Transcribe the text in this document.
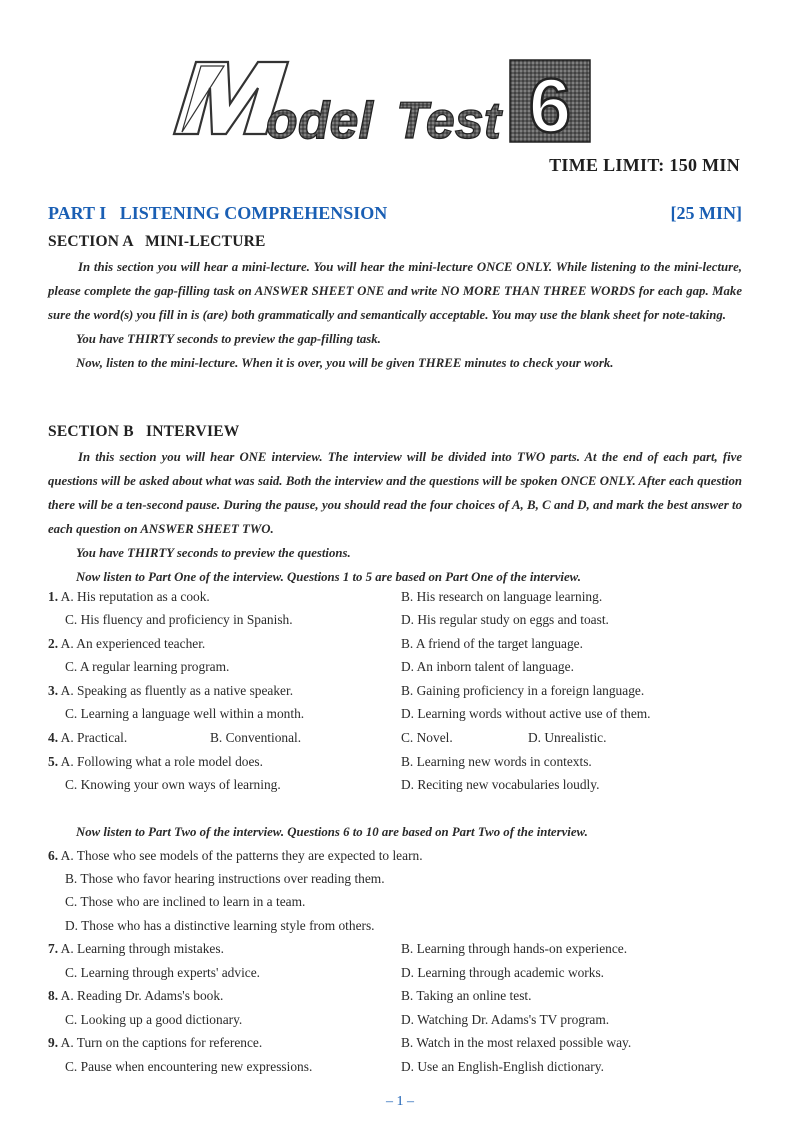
odel Test 6
TIME LIMIT: 150 MIN
PART I   LISTENING COMPREHENSION	[25 MIN]
SECTION A   MINI-LECTURE

In this section you will hear a mini-lecture. You will hear the mini-lecture ONCE ONLY. While listening to the mini-lecture, please complete the gap-filling task on ANSWER SHEET ONE and write NO MORE THAN THREE WORDS for each gap. Make sure the word(s) you fill in is (are) both grammatically and semantically acceptable. You may use the blank sheet for note-taking.

You have THIRTY seconds to preview the gap-filling task.
Now, listen to the mini-lecture. When it is over, you will be given THREE minutes to check your work.
SECTION B   INTERVIEW

In this section you will hear ONE interview. The interview will be divided into TWO parts. At the end of each part, five questions will be asked about what was said. Both the interview and the questions will be spoken ONCE ONLY. After each question there will be a ten-second pause. During the pause, you should read the four choices of A, B, C and D, and mark the best answer to each question on ANSWER SHEET TWO.

You have THIRTY seconds to preview the questions.
Now listen to Part One of the interview. Questions 1 to 5 are based on Part One of the interview.
1. A. His reputation as a cook.	B. His research on language learning.
C. His fluency and proficiency in Spanish.	D. His regular study on eggs and toast.
2. A. An experienced teacher.	B. A friend of the target language.
C. A regular learning program.	D. An inborn talent of language.
3. A. Speaking as fluently as a native speaker.	B. Gaining proficiency in a foreign language.
C. Learning a language well within a month.	D. Learning words without active use of them.
4. A. Practical.	B. Conventional.	C. Novel.	D. Unrealistic.
5. A. Following what a role model does.	B. Learning new words in contexts.
C. Knowing your own ways of learning.	D. Reciting new vocabularies loudly.
Now listen to Part Two of the interview. Questions 6 to 10 are based on Part Two of the interview.
6. A. Those who see models of the patterns they are expected to learn.
B. Those who favor hearing instructions over reading them.
C. Those who are inclined to learn in a team.
D. Those who has a distinctive learning style from others.
7. A. Learning through mistakes.	B. Learning through hands-on experience.
C. Learning through experts' advice.	D. Learning through academic works.
8. A. Reading Dr. Adams's book.	B. Taking an online test.
C. Looking up a good dictionary.	D. Watching Dr. Adams's TV program.
9. A. Turn on the captions for reference.	B. Watch in the most relaxed possible way.
C. Pause when encountering new expressions.	D. Use an English-English dictionary.
– 1 –
